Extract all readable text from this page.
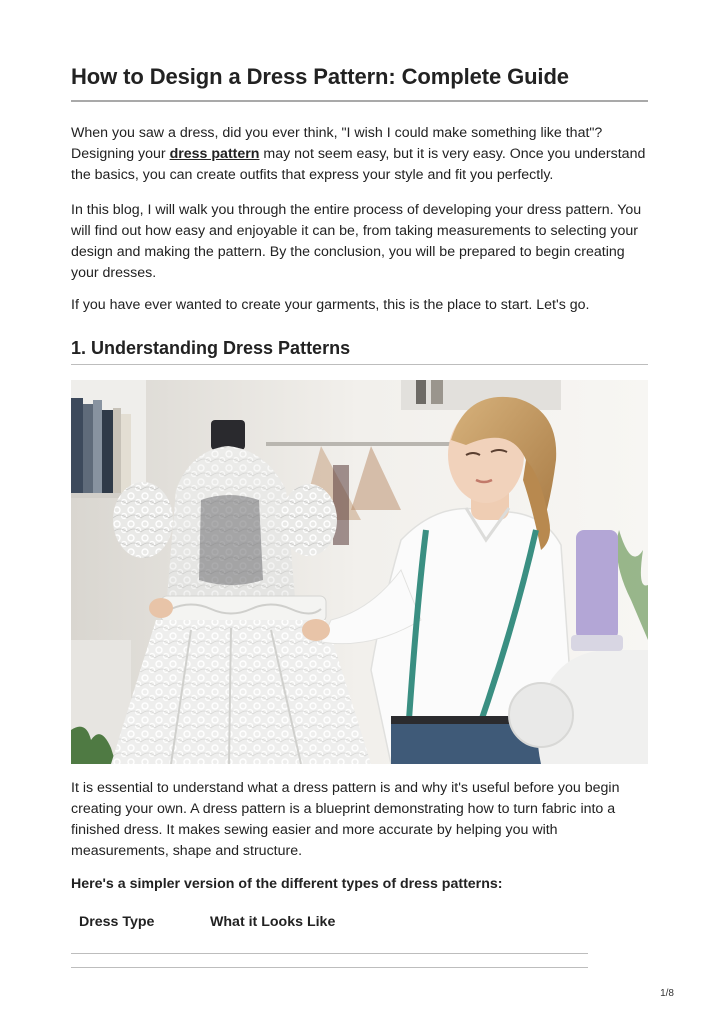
How to Design a Dress Pattern: Complete Guide

When you saw a dress, did you ever think, "I wish I could make something like that"? Designing your dress pattern may not seem easy, but it is very easy. Once you understand the basics, you can create outfits that express your style and fit you perfectly.

In this blog, I will walk you through the entire process of developing your dress pattern. You will find out how easy and enjoyable it can be, from taking measurements to selecting your design and making the pattern. By the conclusion, you will be prepared to begin creating your dresses.

If you have ever wanted to create your garments, this is the place to start. Let's go.

1. Understanding Dress Patterns

It is essential to understand what a dress pattern is and why it's useful before you begin creating your own. A dress pattern is a blueprint demonstrating how to turn fabric into a finished dress. It makes sewing easier and more accurate by helping you with measurements, shape and structure.

Here's a simpler version of the different types of dress patterns:

Dress Type	What it Looks Like
1/8
